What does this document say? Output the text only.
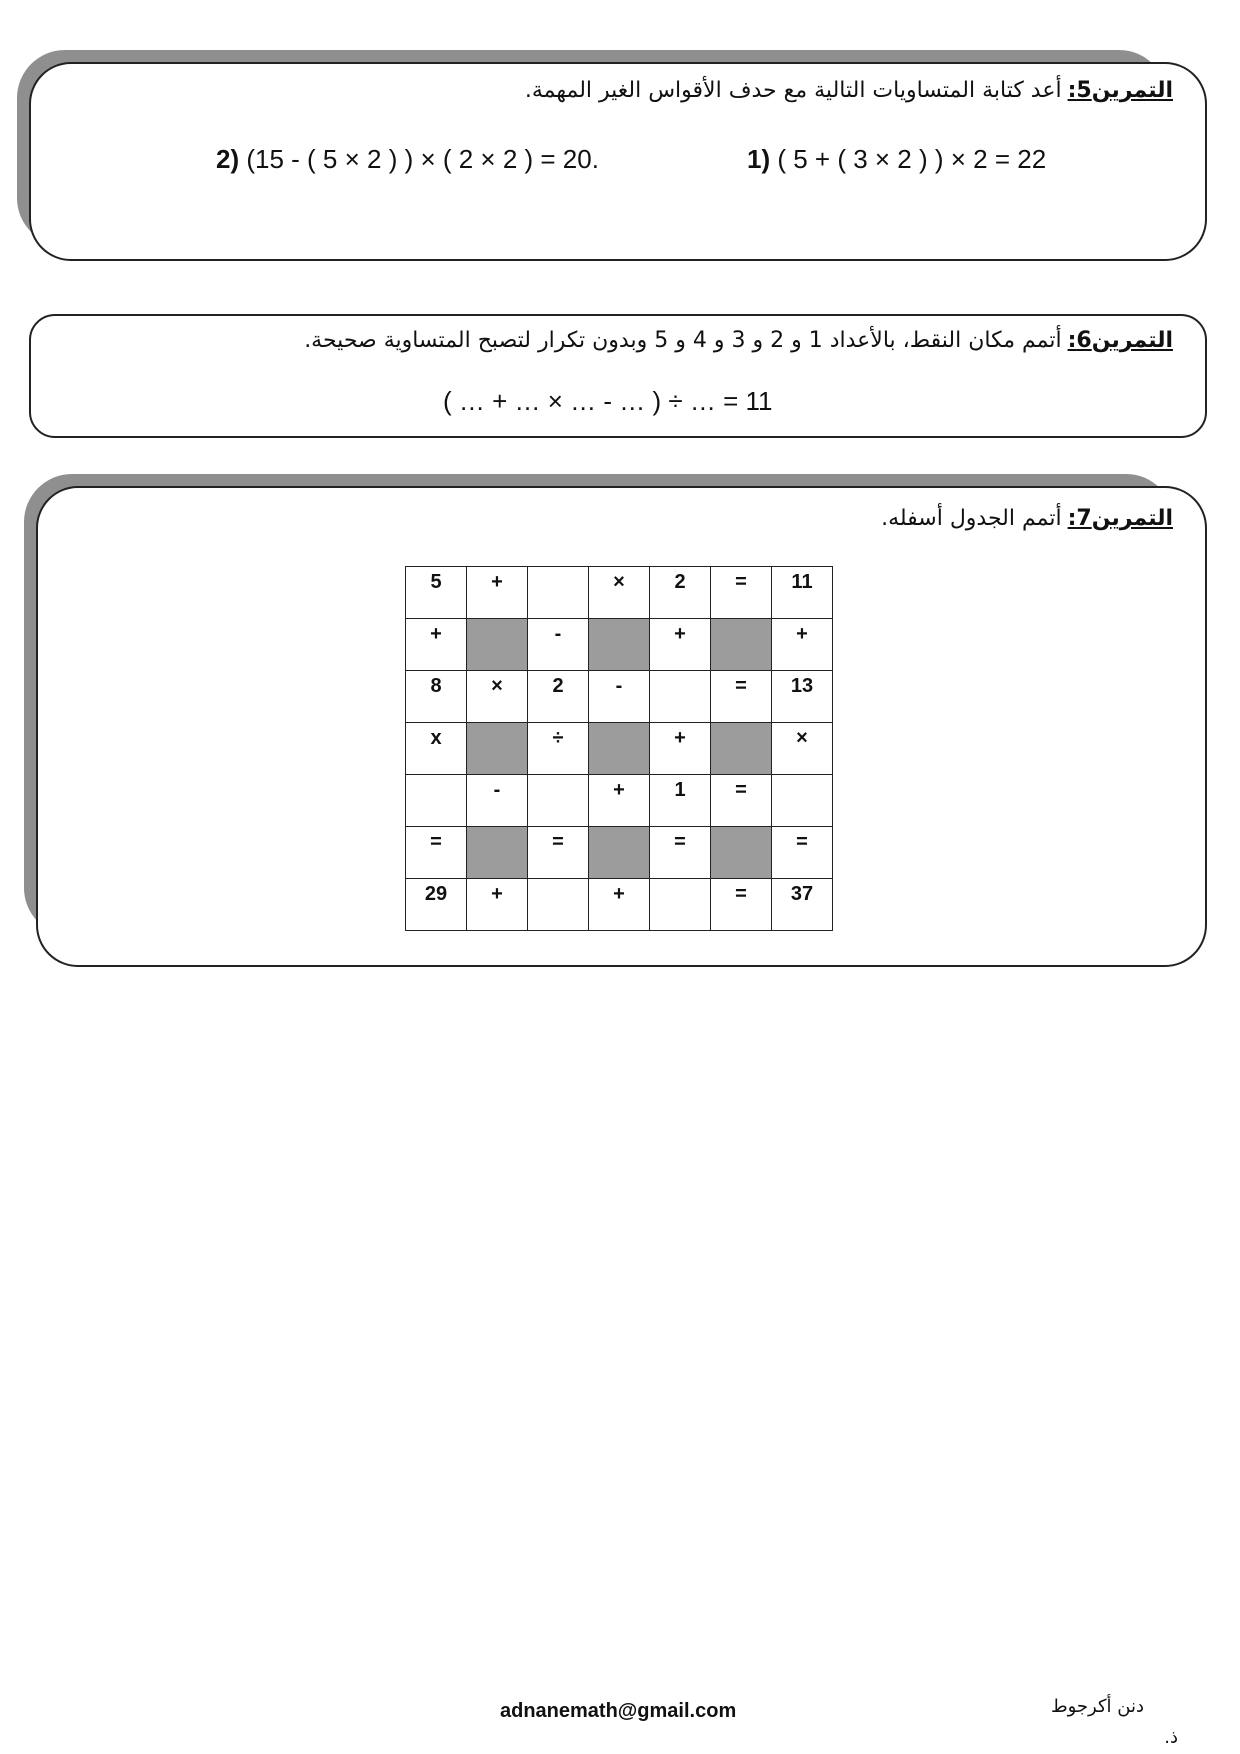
التمرين5:أعد كتابة المتساويات التالية مع حدف الأقواس الغير المهمة.
1) ( 5 + ( 3 × 2 ) ) × 2 = 22
2) (15 - ( 5 × 2 ) ) × ( 2 × 2 ) = 20.
التمرين6:أتمم مكان النقط، بالأعداد 1 و 2 و 3 و 4 و 5 وبدون تكرار لتصبح المتساوية صحيحة.
( … + … × … - … ) ÷ … = 11
التمرين7:أتمم الجدول أسفله.
5	+		×	2	=	11
+		-		+		+
8	×	2	-		=	13
x		÷		+		×
	-		+	1	=	
=		=		=		=
29	+		+		=	37
adnanemath@gmail.com	دنن أكرجوط
ذ.
